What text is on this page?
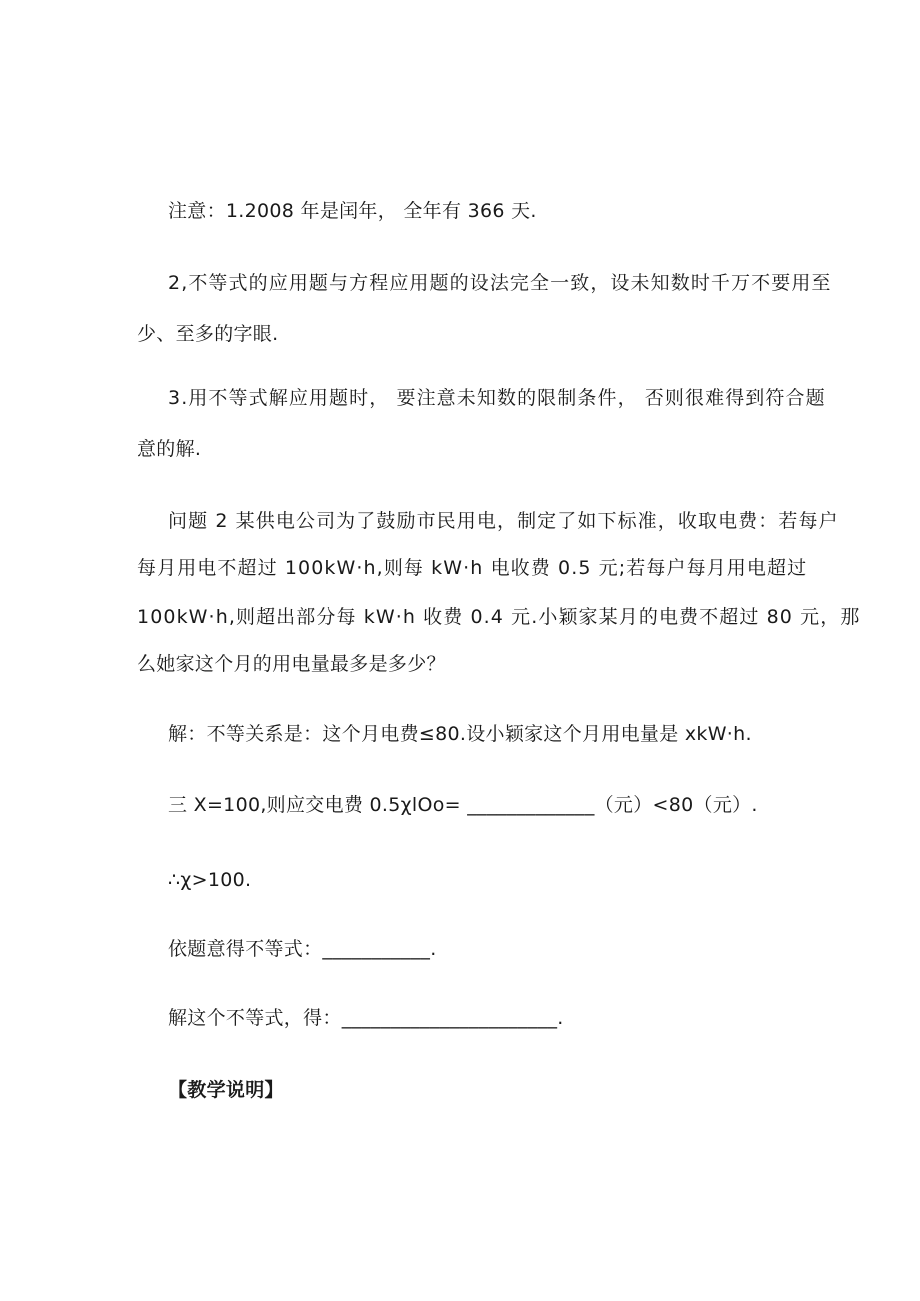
注意：1.2008 年是闰年， 全年有 366 天.
2,不等式的应用题与方程应用题的设法完全一致，设未知数时千万不要用至
少、至多的字眼.
3.用不等式解应用题时， 要注意未知数的限制条件， 否则很难得到符合题
意的解.
问题 2 某供电公司为了鼓励市民用电，制定了如下标准，收取电费：若每户
每月用电不超过 100kW·h,则每 kW·h 电收费 0.5 元;若每户每月用电超过
100kW·h,则超出部分每 kW·h 收费 0.4 元.小颖家某月的电费不超过 80 元，那
么她家这个月的用电量最多是多少？
解：不等关系是：这个月电费≤80.设小颖家这个月用电量是 xkW·h.
三 X=100,则应交电费 0.5χlOo= _____________（元）<80（元）.
∴χ>100.
依题意得不等式：___________.
解这个不等式，得：______________________.
【教学说明】
